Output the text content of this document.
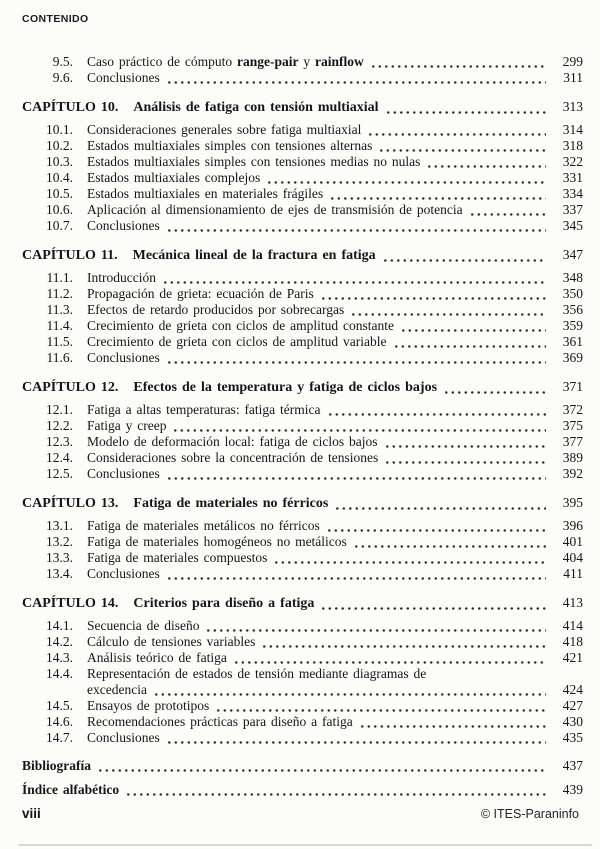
CONTENIDO
9.5. Caso práctico de cómputo range-pair y rainflow	299
9.6. Conclusiones	311
CAPÍTULO 10. Análisis de fatiga con tensión multiaxial	313
10.1. Consideraciones generales sobre fatiga multiaxial	314
10.2. Estados multiaxiales simples con tensiones alternas	318
10.3. Estados multiaxiales simples con tensiones medias no nulas	322
10.4. Estados multiaxiales complejos	331
10.5. Estados multiaxiales en materiales frágiles	334
10.6. Aplicación al dimensionamiento de ejes de transmisión de potencia	337
10.7. Conclusiones	345
CAPÍTULO 11. Mecánica lineal de la fractura en fatiga	347
11.1. Introducción	348
11.2. Propagación de grieta: ecuación de Paris	350
11.3. Efectos de retardo producidos por sobrecargas	356
11.4. Crecimiento de grieta con ciclos de amplitud constante	359
11.5. Crecimiento de grieta con ciclos de amplitud variable	361
11.6. Conclusiones	369
CAPÍTULO 12. Efectos de la temperatura y fatiga de ciclos bajos	371
12.1. Fatiga a altas temperaturas: fatiga térmica	372
12.2. Fatiga y creep	375
12.3. Modelo de deformación local: fatiga de ciclos bajos	377
12.4. Consideraciones sobre la concentración de tensiones	389
12.5. Conclusiones	392
CAPÍTULO 13. Fatiga de materiales no férricos	395
13.1. Fatiga de materiales metálicos no férricos	396
13.2. Fatiga de materiales homogéneos no metálicos	401
13.3. Fatiga de materiales compuestos	404
13.4. Conclusiones	411
CAPÍTULO 14. Criterios para diseño a fatiga	413
14.1. Secuencia de diseño	414
14.2. Cálculo de tensiones variables	418
14.3. Análisis teórico de fatiga	421
14.4. Representación de estados de tensión mediante diagramas de
excedencia	424
14.5. Ensayos de prototipos	427
14.6. Recomendaciones prácticas para diseño a fatiga	430
14.7. Conclusiones	435
Bibliografía	437
Índice alfabético	439
viii	© ITES-Paraninfo
